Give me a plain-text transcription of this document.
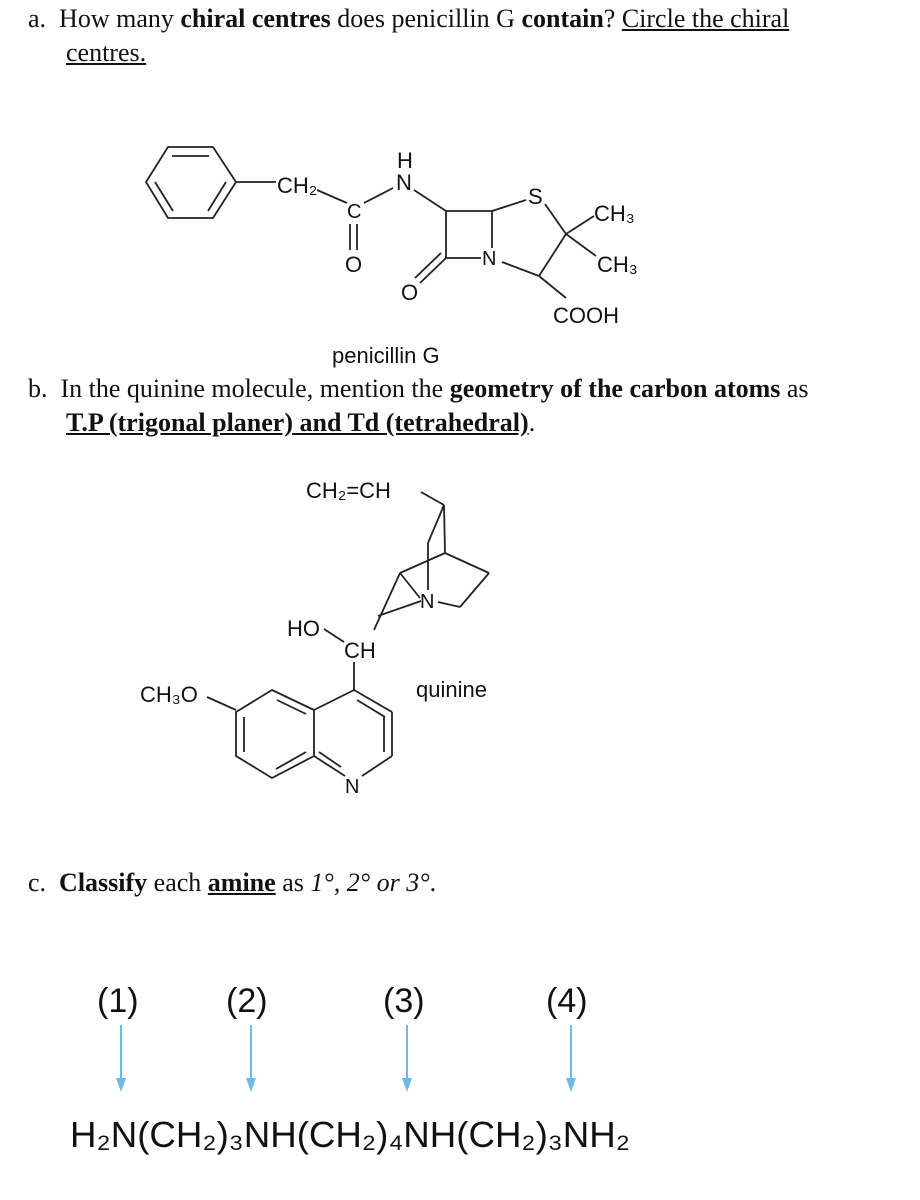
a. How many chiral centres does penicillin G contain? Circle the chiral
centres.
b. In the quinine molecule, mention the geometry of the carbon atoms as
T.P (trigonal planer) and Td (tetrahedral).
c. Classify each amine as 1°, 2° or 3°.
CH₂
C
O
H
N
N
O
S
CH₃
CH₃
COOH
penicillin G
CH₂=CH
N
HO
CH
CH₃O
N
quinine
(1)	(2)	(3)	(4)
H₂N(CH₂)₃NH(CH₂)₄NH(CH₂)₃NH₂
